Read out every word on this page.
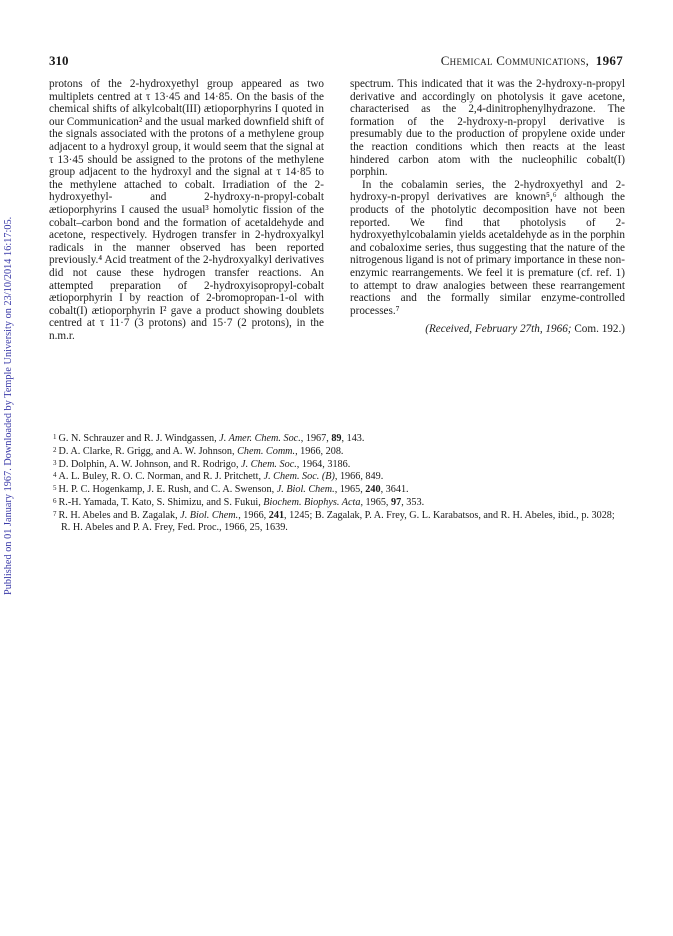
Published on 01 January 1967. Downloaded by Temple University on 23/10/2014 16:17:05.
310	Chemical Communications, 1967

protons of the 2-hydroxyethyl group appeared as two multiplets centred at τ 13·45 and 14·85. On the basis of the chemical shifts of alkylcobalt(III) ætioporphyrins I quoted in our Communication² and the usual marked downfield shift of the signals associated with the protons of a methylene group adjacent to a hydroxyl group, it would seem that the signal at τ 13·45 should be assigned to the protons of the methylene group adjacent to the hydroxyl and the signal at τ 14·85 to the methylene attached to cobalt. Irradiation of the 2-hydroxyethyl- and 2-hydroxy-n-propyl-cobalt ætioporphyrins I caused the usual³ homolytic fission of the cobalt–carbon bond and the formation of acetaldehyde and acetone, respectively. Hydrogen transfer in 2-hydroxyalkyl radicals in the manner observed has been reported previously.⁴ Acid treatment of the 2-hydroxyalkyl derivatives did not cause these hydrogen transfer reactions. An attempted preparation of 2-hydroxyisopropyl-cobalt ætioporphyrin I by reaction of 2-bromopropan-1-ol with cobalt(I) ætioporphyrin I² gave a product showing doublets centred at τ 11·7 (3 protons) and 15·7 (2 protons), in the n.m.r.

spectrum. This indicated that it was the 2-hydroxy-n-propyl derivative and accordingly on photolysis it gave acetone, characterised as the 2,4-dinitrophenylhydrazone. The formation of the 2-hydroxy-n-propyl derivative is presumably due to the production of propylene oxide under the reaction conditions which then reacts at the least hindered carbon atom with the nucleophilic cobalt(I) porphin.

In the cobalamin series, the 2-hydroxyethyl and 2-hydroxy-n-propyl derivatives are known⁵,⁶ although the products of the photolytic decomposition have not been reported. We find that photolysis of 2-hydroxyethylcobalamin yields acetaldehyde as in the porphin and cobaloxime series, thus suggesting that the nature of the nitrogenous ligand is not of primary importance in these non-enzymic rearrangements. We feel it is premature (cf. ref. 1) to attempt to draw analogies between these rearrangement reactions and the formally similar enzyme-controlled processes.⁷

(Received, February 27th, 1966; Com. 192.)

$^1$ G. N. Schrauzer and R. J. Windgassen, J. Amer. Chem. Soc., 1967, 89, 143.

$^2$ D. A. Clarke, R. Grigg, and A. W. Johnson, Chem. Comm., 1966, 208.

$^3$ D. Dolphin, A. W. Johnson, and R. Rodrigo, J. Chem. Soc., 1964, 3186.

$^4$ A. L. Buley, R. O. C. Norman, and R. J. Pritchett, J. Chem. Soc. (B), 1966, 849.

$^5$ H. P. C. Hogenkamp, J. E. Rush, and C. A. Swenson, J. Biol. Chem., 1965, 240, 3641.

$^6$ R.-H. Yamada, T. Kato, S. Shimizu, and S. Fukui, Biochem. Biophys. Acta, 1965, 97, 353.

$^7$ R. H. Abeles and B. Zagalak, J. Biol. Chem., 1966, 241, 1245; B. Zagalak, P. A. Frey, G. L. Karabatsos, and R. H. Abeles, ibid., p. 3028; R. H. Abeles and P. A. Frey, Fed. Proc., 1966, 25, 1639.
